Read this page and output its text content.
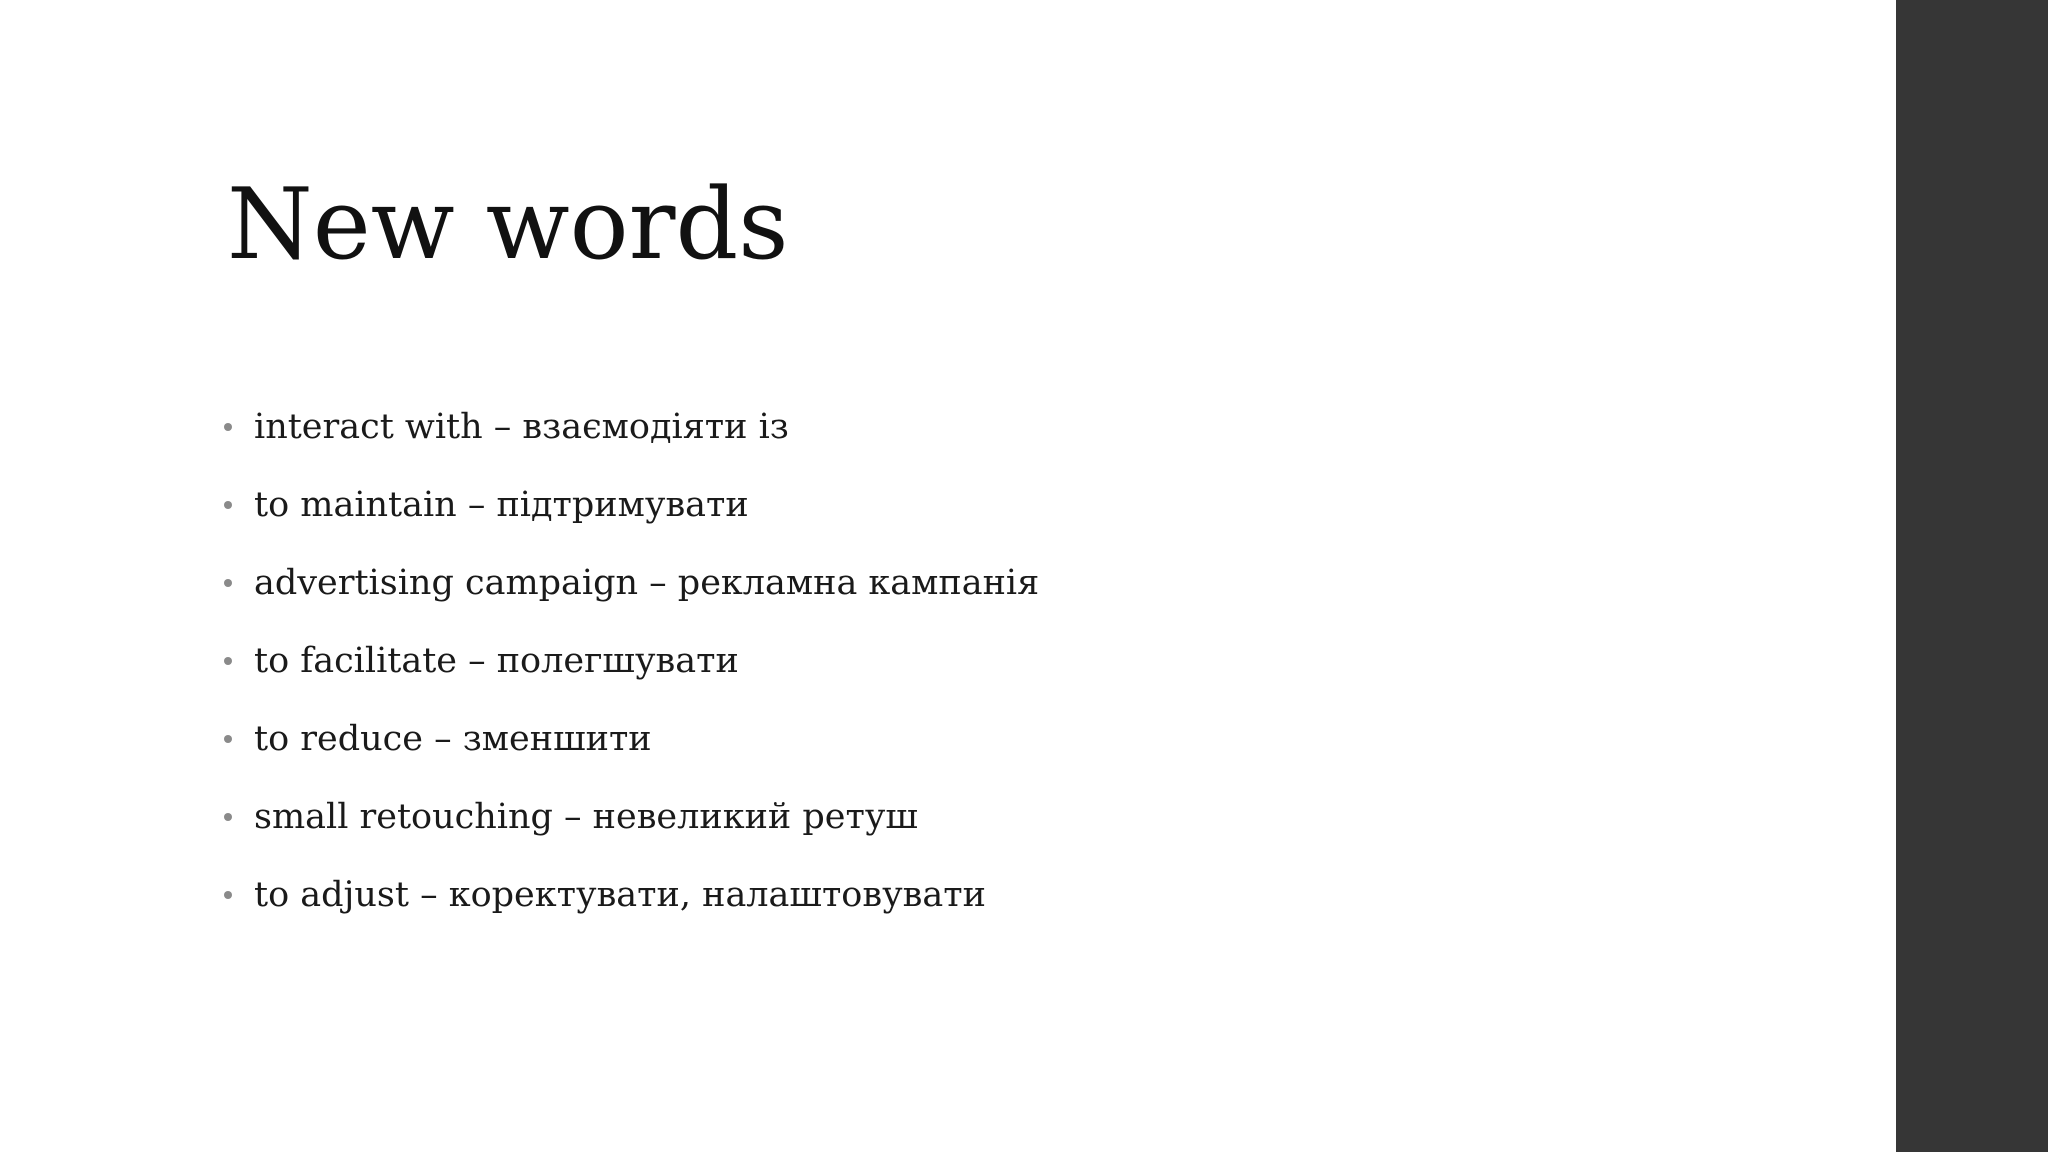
New words
interact with – взаємодіяти із
to maintain – підтримувати
advertising campaign – рекламна кампанія
to facilitate – полегшувати
to reduce – зменшити
small retouching – невеликий ретуш
to adjust – коректувати, налаштовувати
